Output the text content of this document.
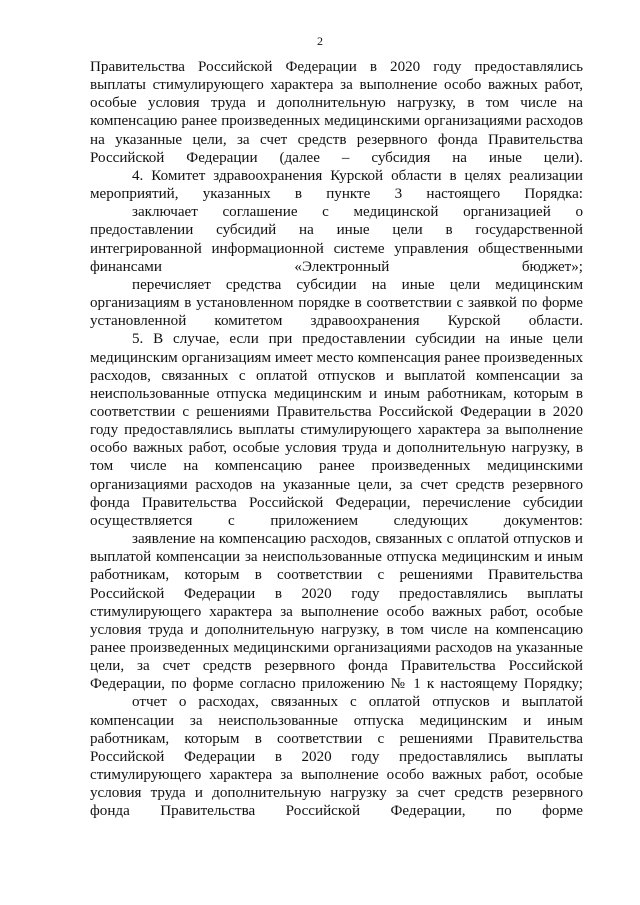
2

Правительства Российской Федерации в 2020 году предоставлялись выплаты стимулирующего характера за выполнение особо важных работ, особые условия труда и дополнительную нагрузку, в том числе на компенсацию ранее произведенных медицинскими организациями расходов на указанные цели, за счет средств резервного фонда Правительства Российской Федерации (далее – субсидия на иные цели).

4. Комитет здравоохранения Курской области в целях реализации мероприятий, указанных в пункте 3 настоящего Порядка:

заключает соглашение с медицинской организацией о предоставлении субсидий на иные цели в государственной интегрированной информационной системе управления общественными финансами «Электронный бюджет»;

перечисляет средства субсидии на иные цели медицинским организациям в установленном порядке в соответствии с заявкой по форме установленной комитетом здравоохранения Курской области.

5. В случае, если при предоставлении субсидии на иные цели медицинским организациям имеет место компенсация ранее произведенных расходов, связанных с оплатой отпусков и выплатой компенсации за неиспользованные отпуска медицинским и иным работникам, которым в соответствии с решениями Правительства Российской Федерации в 2020 году предоставлялись выплаты стимулирующего характера за выполнение особо важных работ, особые условия труда и дополнительную нагрузку, в том числе на компенсацию ранее произведенных медицинскими организациями расходов на указанные цели, за счет средств резервного фонда Правительства Российской Федерации, перечисление субсидии осуществляется с приложением следующих документов:

заявление на компенсацию расходов, связанных с оплатой отпусков и выплатой компенсации за неиспользованные отпуска медицинским и иным работникам, которым в соответствии с решениями Правительства Российской Федерации в 2020 году предоставлялись выплаты стимулирующего характера за выполнение особо важных работ, особые условия труда и дополнительную нагрузку, в том числе на компенсацию ранее произведенных медицинскими организациями расходов на указанные цели, за счет средств резервного фонда Правительства Российской Федерации, по форме согласно приложению № 1 к настоящему Порядку;

отчет о расходах, связанных с оплатой отпусков и выплатой компенсации за неиспользованные отпуска медицинским и иным работникам, которым в соответствии с решениями Правительства Российской Федерации в 2020 году предоставлялись выплаты стимулирующего характера за выполнение особо важных работ, особые условия труда и дополнительную нагрузку за счет средств резервного фонда Правительства Российской Федерации, по форме
